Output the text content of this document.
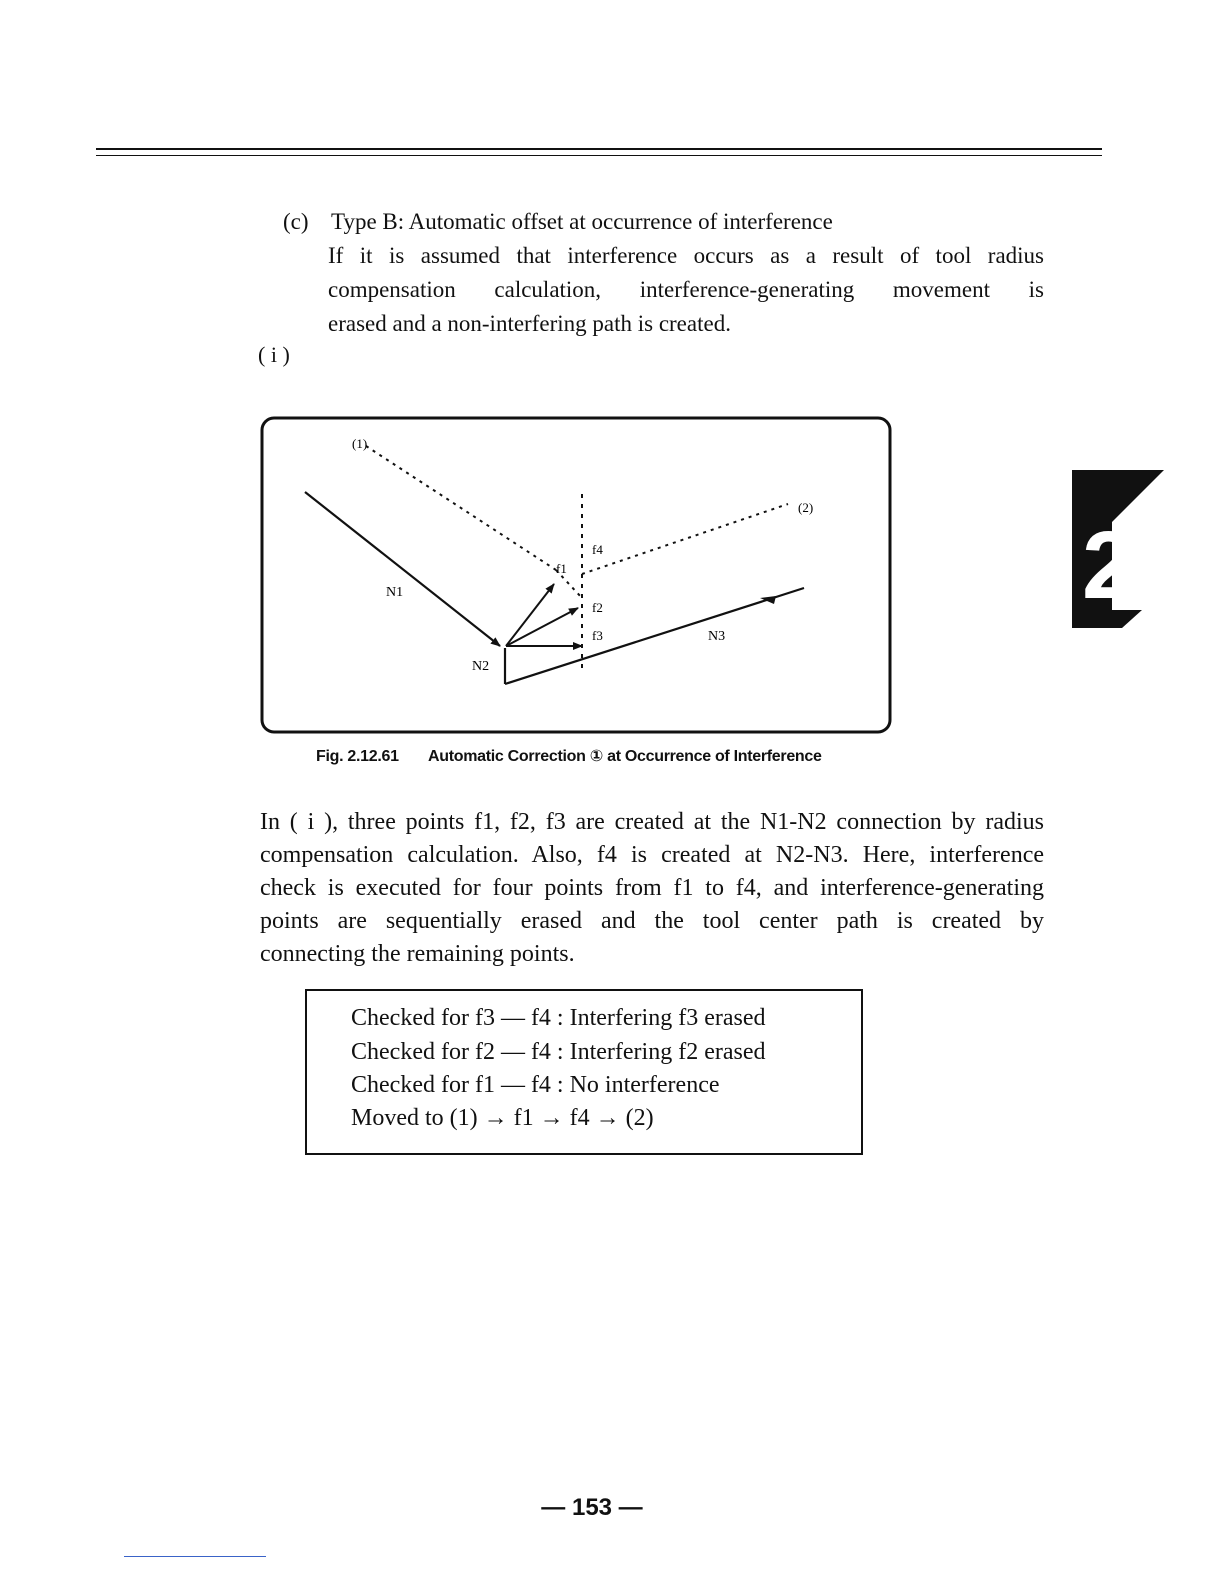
(c) Type B: Automatic offset at occurrence of interference
If it is assumed that interference occurs as a result of tool radius
compensation calculation, interference-generating movement is
erased and a non-interfering path is created.
( i )
(1)
(2)
N1
N2
N3
f1
f2
f3
f4
Fig. 2.12.61 Automatic Correction ① at Occurrence of Interference
In ( i ), three points f1, f2, f3 are created at the N1-N2 connection by radius
compensation calculation. Also, f4 is created at N2-N3. Here, interference
check is executed for four points from f1 to f4, and interference-generating
points are sequentially erased and the tool center path is created by
connecting the remaining points.
Checked for f3 — f4 : Interfering f3 erased
Checked for f2 — f4 : Interfering f2 erased
Checked for f1 — f4 : No interference
Moved to (1) → f1 → f4 → (2)
2
— 153 —
